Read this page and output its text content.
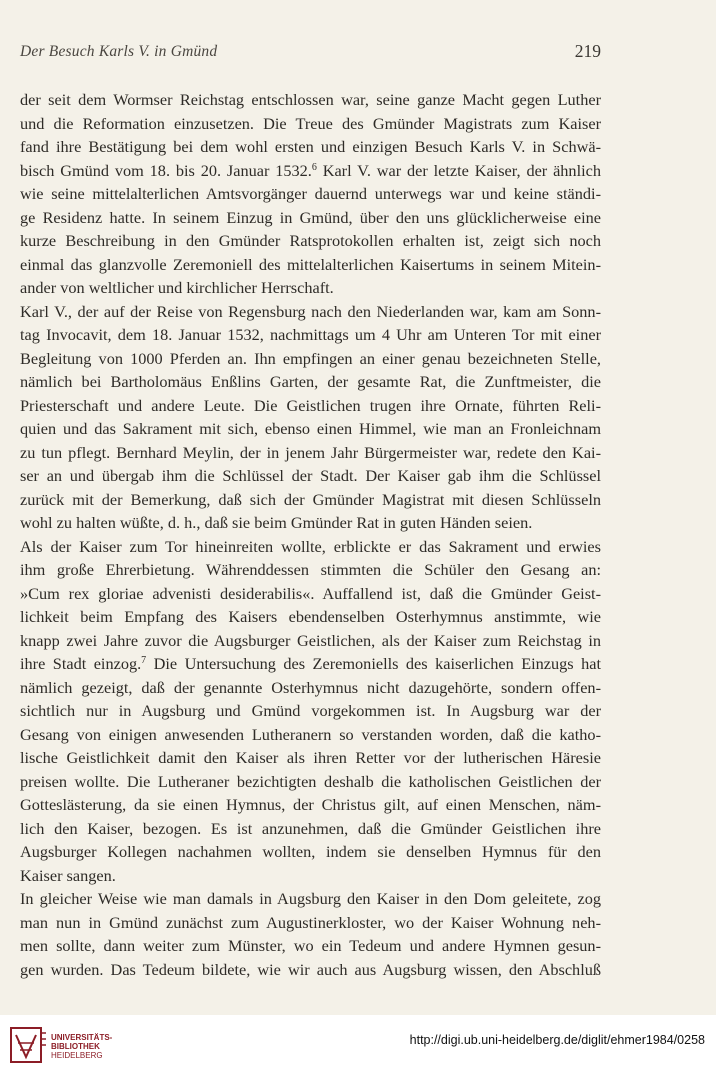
Der Besuch Karls V. in Gmünd	219
der seit dem Wormser Reichstag entschlossen war, seine ganze Macht gegen Luther
und die Reformation einzusetzen. Die Treue des Gmünder Magistrats zum Kaiser
fand ihre Bestätigung bei dem wohl ersten und einzigen Besuch Karls V. in Schwä-
bisch Gmünd vom 18. bis 20. Januar 1532.$^6$ Karl V. war der letzte Kaiser, der ähnlich
wie seine mittelalterlichen Amtsvorgänger dauernd unterwegs war und keine ständi-
ge Residenz hatte. In seinem Einzug in Gmünd, über den uns glücklicherweise eine
kurze Beschreibung in den Gmünder Ratsprotokollen erhalten ist, zeigt sich noch
einmal das glanzvolle Zeremoniell des mittelalterlichen Kaisertums in seinem Mitein-
ander von weltlicher und kirchlicher Herrschaft.
Karl V., der auf der Reise von Regensburg nach den Niederlanden war, kam am Sonn-
tag Invocavit, dem 18. Januar 1532, nachmittags um 4 Uhr am Unteren Tor mit einer
Begleitung von 1000 Pferden an. Ihn empfingen an einer genau bezeichneten Stelle,
nämlich bei Bartholomäus Enßlins Garten, der gesamte Rat, die Zunftmeister, die
Priesterschaft und andere Leute. Die Geistlichen trugen ihre Ornate, führten Reli-
quien und das Sakrament mit sich, ebenso einen Himmel, wie man an Fronleichnam
zu tun pflegt. Bernhard Meylin, der in jenem Jahr Bürgermeister war, redete den Kai-
ser an und übergab ihm die Schlüssel der Stadt. Der Kaiser gab ihm die Schlüssel
zurück mit der Bemerkung, daß sich der Gmünder Magistrat mit diesen Schlüsseln
wohl zu halten wüßte, d. h., daß sie beim Gmünder Rat in guten Händen seien.
Als der Kaiser zum Tor hineinreiten wollte, erblickte er das Sakrament und erwies
ihm große Ehrerbietung. Währenddessen stimmten die Schüler den Gesang an:
»Cum rex gloriae advenisti desiderabilis«. Auffallend ist, daß die Gmünder Geist-
lichkeit beim Empfang des Kaisers ebendenselben Osterhymnus anstimmte, wie
knapp zwei Jahre zuvor die Augsburger Geistlichen, als der Kaiser zum Reichstag in
ihre Stadt einzog.$^7$ Die Untersuchung des Zeremoniells des kaiserlichen Einzugs hat
nämlich gezeigt, daß der genannte Osterhymnus nicht dazugehörte, sondern offen-
sichtlich nur in Augsburg und Gmünd vorgekommen ist. In Augsburg war der
Gesang von einigen anwesenden Lutheranern so verstanden worden, daß die katho-
lische Geistlichkeit damit den Kaiser als ihren Retter vor der lutherischen Häresie
preisen wollte. Die Lutheraner bezichtigten deshalb die katholischen Geistlichen der
Gotteslästerung, da sie einen Hymnus, der Christus gilt, auf einen Menschen, näm-
lich den Kaiser, bezogen. Es ist anzunehmen, daß die Gmünder Geistlichen ihre
Augsburger Kollegen nachahmen wollten, indem sie denselben Hymnus für den
Kaiser sangen.
In gleicher Weise wie man damals in Augsburg den Kaiser in den Dom geleitete, zog
man nun in Gmünd zunächst zum Augustinerkloster, wo der Kaiser Wohnung neh-
men sollte, dann weiter zum Münster, wo ein Tedeum und andere Hymnen gesun-
gen wurden. Das Tedeum bildete, wie wir auch aus Augsburg wissen, den Abschluß
UNIVERSITÄTS-
BIBLIOTHEK
HEIDELBERG
http://digi.ub.uni-heidelberg.de/diglit/ehmer1984/0258
